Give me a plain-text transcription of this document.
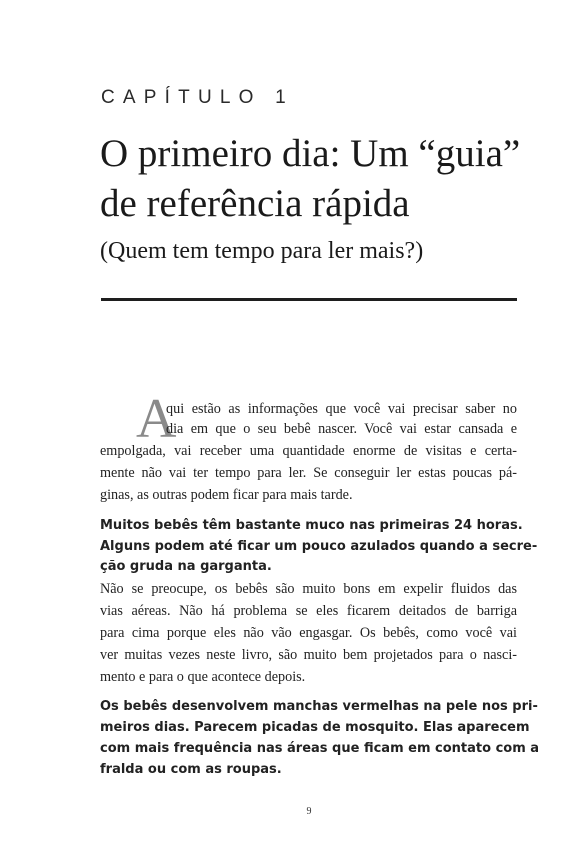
CAPÍTULO 1
O primeiro dia: Um “guia”
de referência rápida
(Quem tem tempo para ler mais?)
A
qui estão as informações que você vai precisar saber no
dia em que o seu bebê nascer. Você vai estar cansada e
empolgada, vai receber uma quantidade enorme de visitas e certa-
mente não vai ter tempo para ler. Se conseguir ler estas poucas pá-
ginas, as outras podem ficar para mais tarde.
Muitos bebês têm bastante muco nas primeiras 24 horas.
Alguns podem até ficar um pouco azulados quando a secre-
ção gruda na garganta.
Não se preocupe, os bebês são muito bons em expelir fluidos das
vias aéreas. Não há problema se eles ficarem deitados de barriga
para cima porque eles não vão engasgar. Os bebês, como você vai
ver muitas vezes neste livro, são muito bem projetados para o nasci-
mento e para o que acontece depois.
Os bebês desenvolvem manchas vermelhas na pele nos pri-
meiros dias. Parecem picadas de mosquito. Elas aparecem
com mais frequência nas áreas que ficam em contato com a
fralda ou com as roupas.
9
